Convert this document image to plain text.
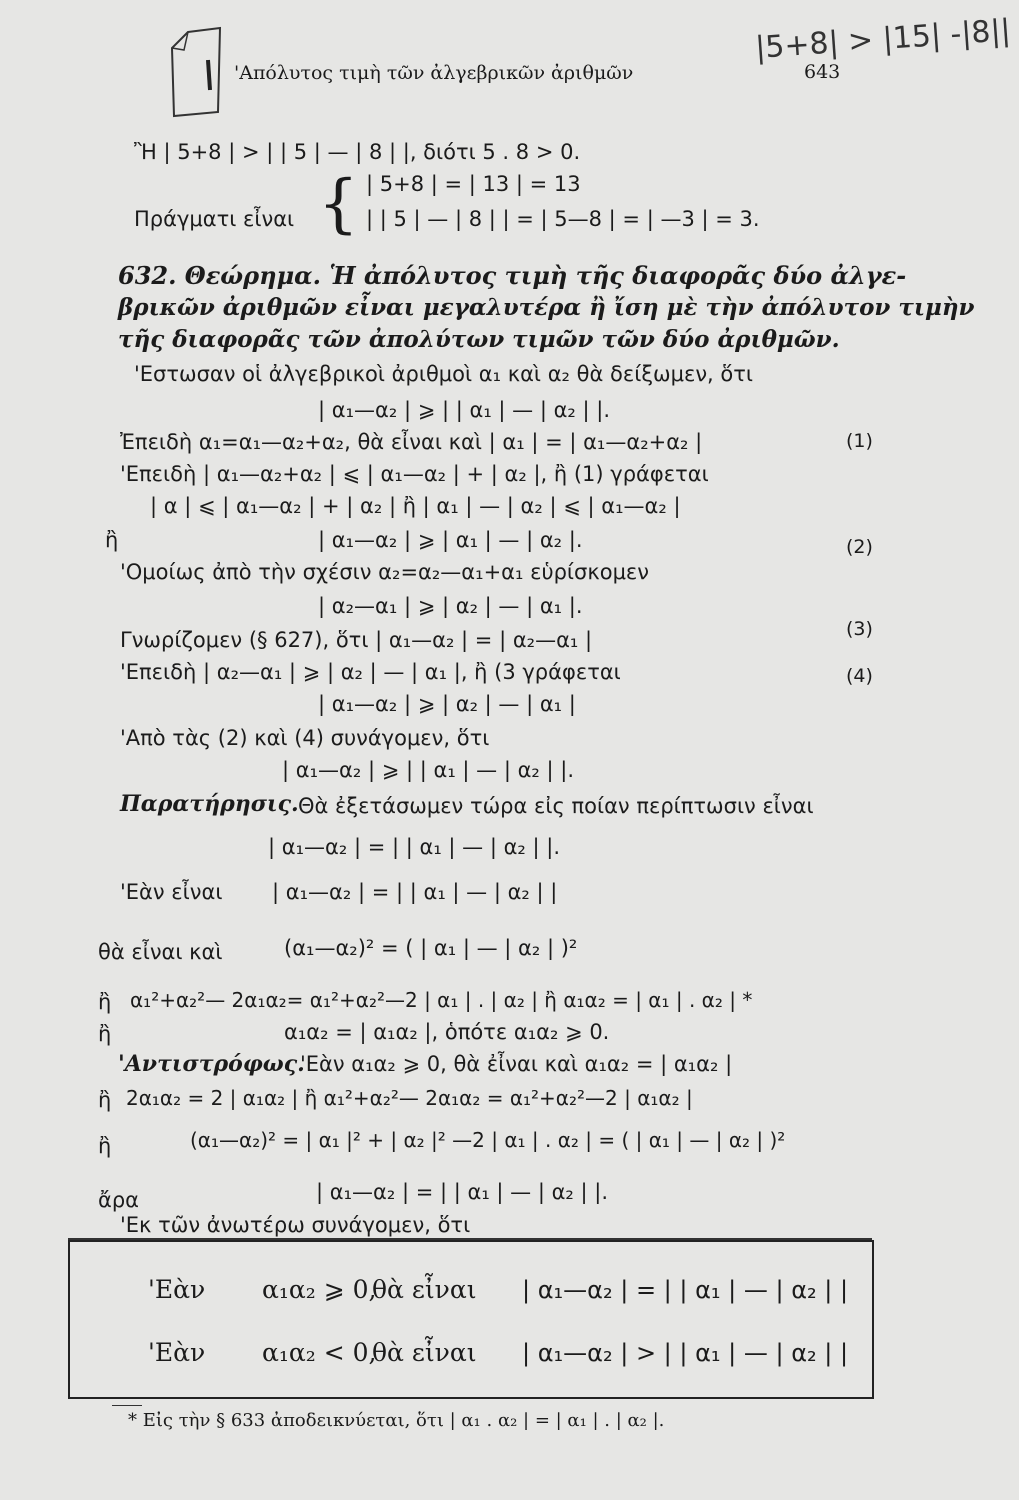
|5+8| > |15| -|8||
'Απόλυτος τιμὴ τῶν ἀλγεβρικῶν ἀριθμῶν	643
Ἢ | 5+8 | > | | 5 | — | 8 | |, διότι 5 . 8 > 0.
{ | 5+8 | = | 13 | = 13
Πράγματι εἶναι	| | 5 | — | 8 | | = | 5—8 | = | —3 | = 3.
632. Θεώρημα. Ἡ ἀπόλυτος τιμὴ τῆς διαφορᾶς δύο ἀλγε-
βρικῶν ἀριθμῶν εἶναι μεγαλυτέρα ἢ ἴση μὲ τὴν ἀπόλυτον τιμὴν
τῆς διαφορᾶς τῶν ἀπολύτων τιμῶν τῶν δύο ἀριθμῶν.
'Εστωσαν οἱ ἀλγεβρικοὶ ἀριθμοὶ α₁ καὶ α₂ θὰ δείξωμεν, ὅτι
| α₁—α₂ | ⩾ | | α₁ | — | α₂ | |.
Ἐπειδὴ α₁=α₁—α₂+α₂, θὰ εἶναι καὶ | α₁ | = | α₁—α₂+α₂ |	(1)
'Επειδὴ | α₁—α₂+α₂ | ⩽ | α₁—α₂ | + | α₂ |, ἢ (1) γράφεται
| α | ⩽ | α₁—α₂ | + | α₂ | ἢ | α₁ | — | α₂ | ⩽ | α₁—α₂ |
ἢ	| α₁—α₂ | ⩾ | α₁ | — | α₂ |.	(2)
'Ομοίως ἀπὸ τὴν σχέσιν α₂=α₂—α₁+α₁ εὑρίσκομεν
| α₂—α₁ | ⩾ | α₂ | — | α₁ |.
Γνωρίζομεν (§ 627), ὅτι | α₁—α₂ | = | α₂—α₁ |	(3)
'Επειδὴ | α₂—α₁ | ⩾ | α₂ | — | α₁ |, ἢ (3 γράφεται	(4)
| α₁—α₂ | ⩾ | α₂ | — | α₁ |
'Απὸ τὰς (2) καὶ (4) συνάγομεν, ὅτι
| α₁—α₂ | ⩾ | | α₁ | — | α₂ | |.
Παρατήρησις. Θὰ ἐξετάσωμεν τώρα εἰς ποίαν περίπτωσιν εἶναι
| α₁—α₂ | = | | α₁ | — | α₂ | |.
'Εὰν εἶναι | α₁—α₂ | = | | α₁ | — | α₂ | |
θὰ εἶναι καὶ	(α₁—α₂)² = ( | α₁ | — | α₂ | )²
ἢ α₁²+α₂²— 2α₁α₂= α₁²+α₂²—2 | α₁ | . | α₂ | ἢ α₁α₂ = | α₁ | . α₂ | *
ἢ	α₁α₂ = | α₁α₂ |, ὁπότε α₁α₂ ⩾ 0.
'Αντιστρόφως.
'Εὰν α₁α₂ ⩾ 0, θὰ ἐἶναι καὶ α₁α₂ = | α₁α₂ |
ἢ 2α₁α₂ = 2 | α₁α₂ | ἢ α₁²+α₂²— 2α₁α₂ = α₁²+α₂²—2 | α₁α₂ |
ἢ	(α₁—α₂)² = | α₁ |² + | α₂ |² —2 | α₁ | . α₂ | = ( | α₁ | — | α₂ | )²
ἄρα	| α₁—α₂ | = | | α₁ | — | α₂ | |.
'Εκ τῶν ἀνωτέρω συνάγομεν, ὅτι
'Εὰν α₁α₂ ⩾ 0,
θὰ εἶναι | α₁—α₂ | = | | α₁ | — | α₂ | |
'Εὰν α₁α₂ < 0,
θὰ εἶναι | α₁—α₂ | > | | α₁ | — | α₂ | |
* Εἰς τὴν § 633 ἀποδεικνύεται, ὅτι | α₁ . α₂ | = | α₁ | . | α₂ |.
